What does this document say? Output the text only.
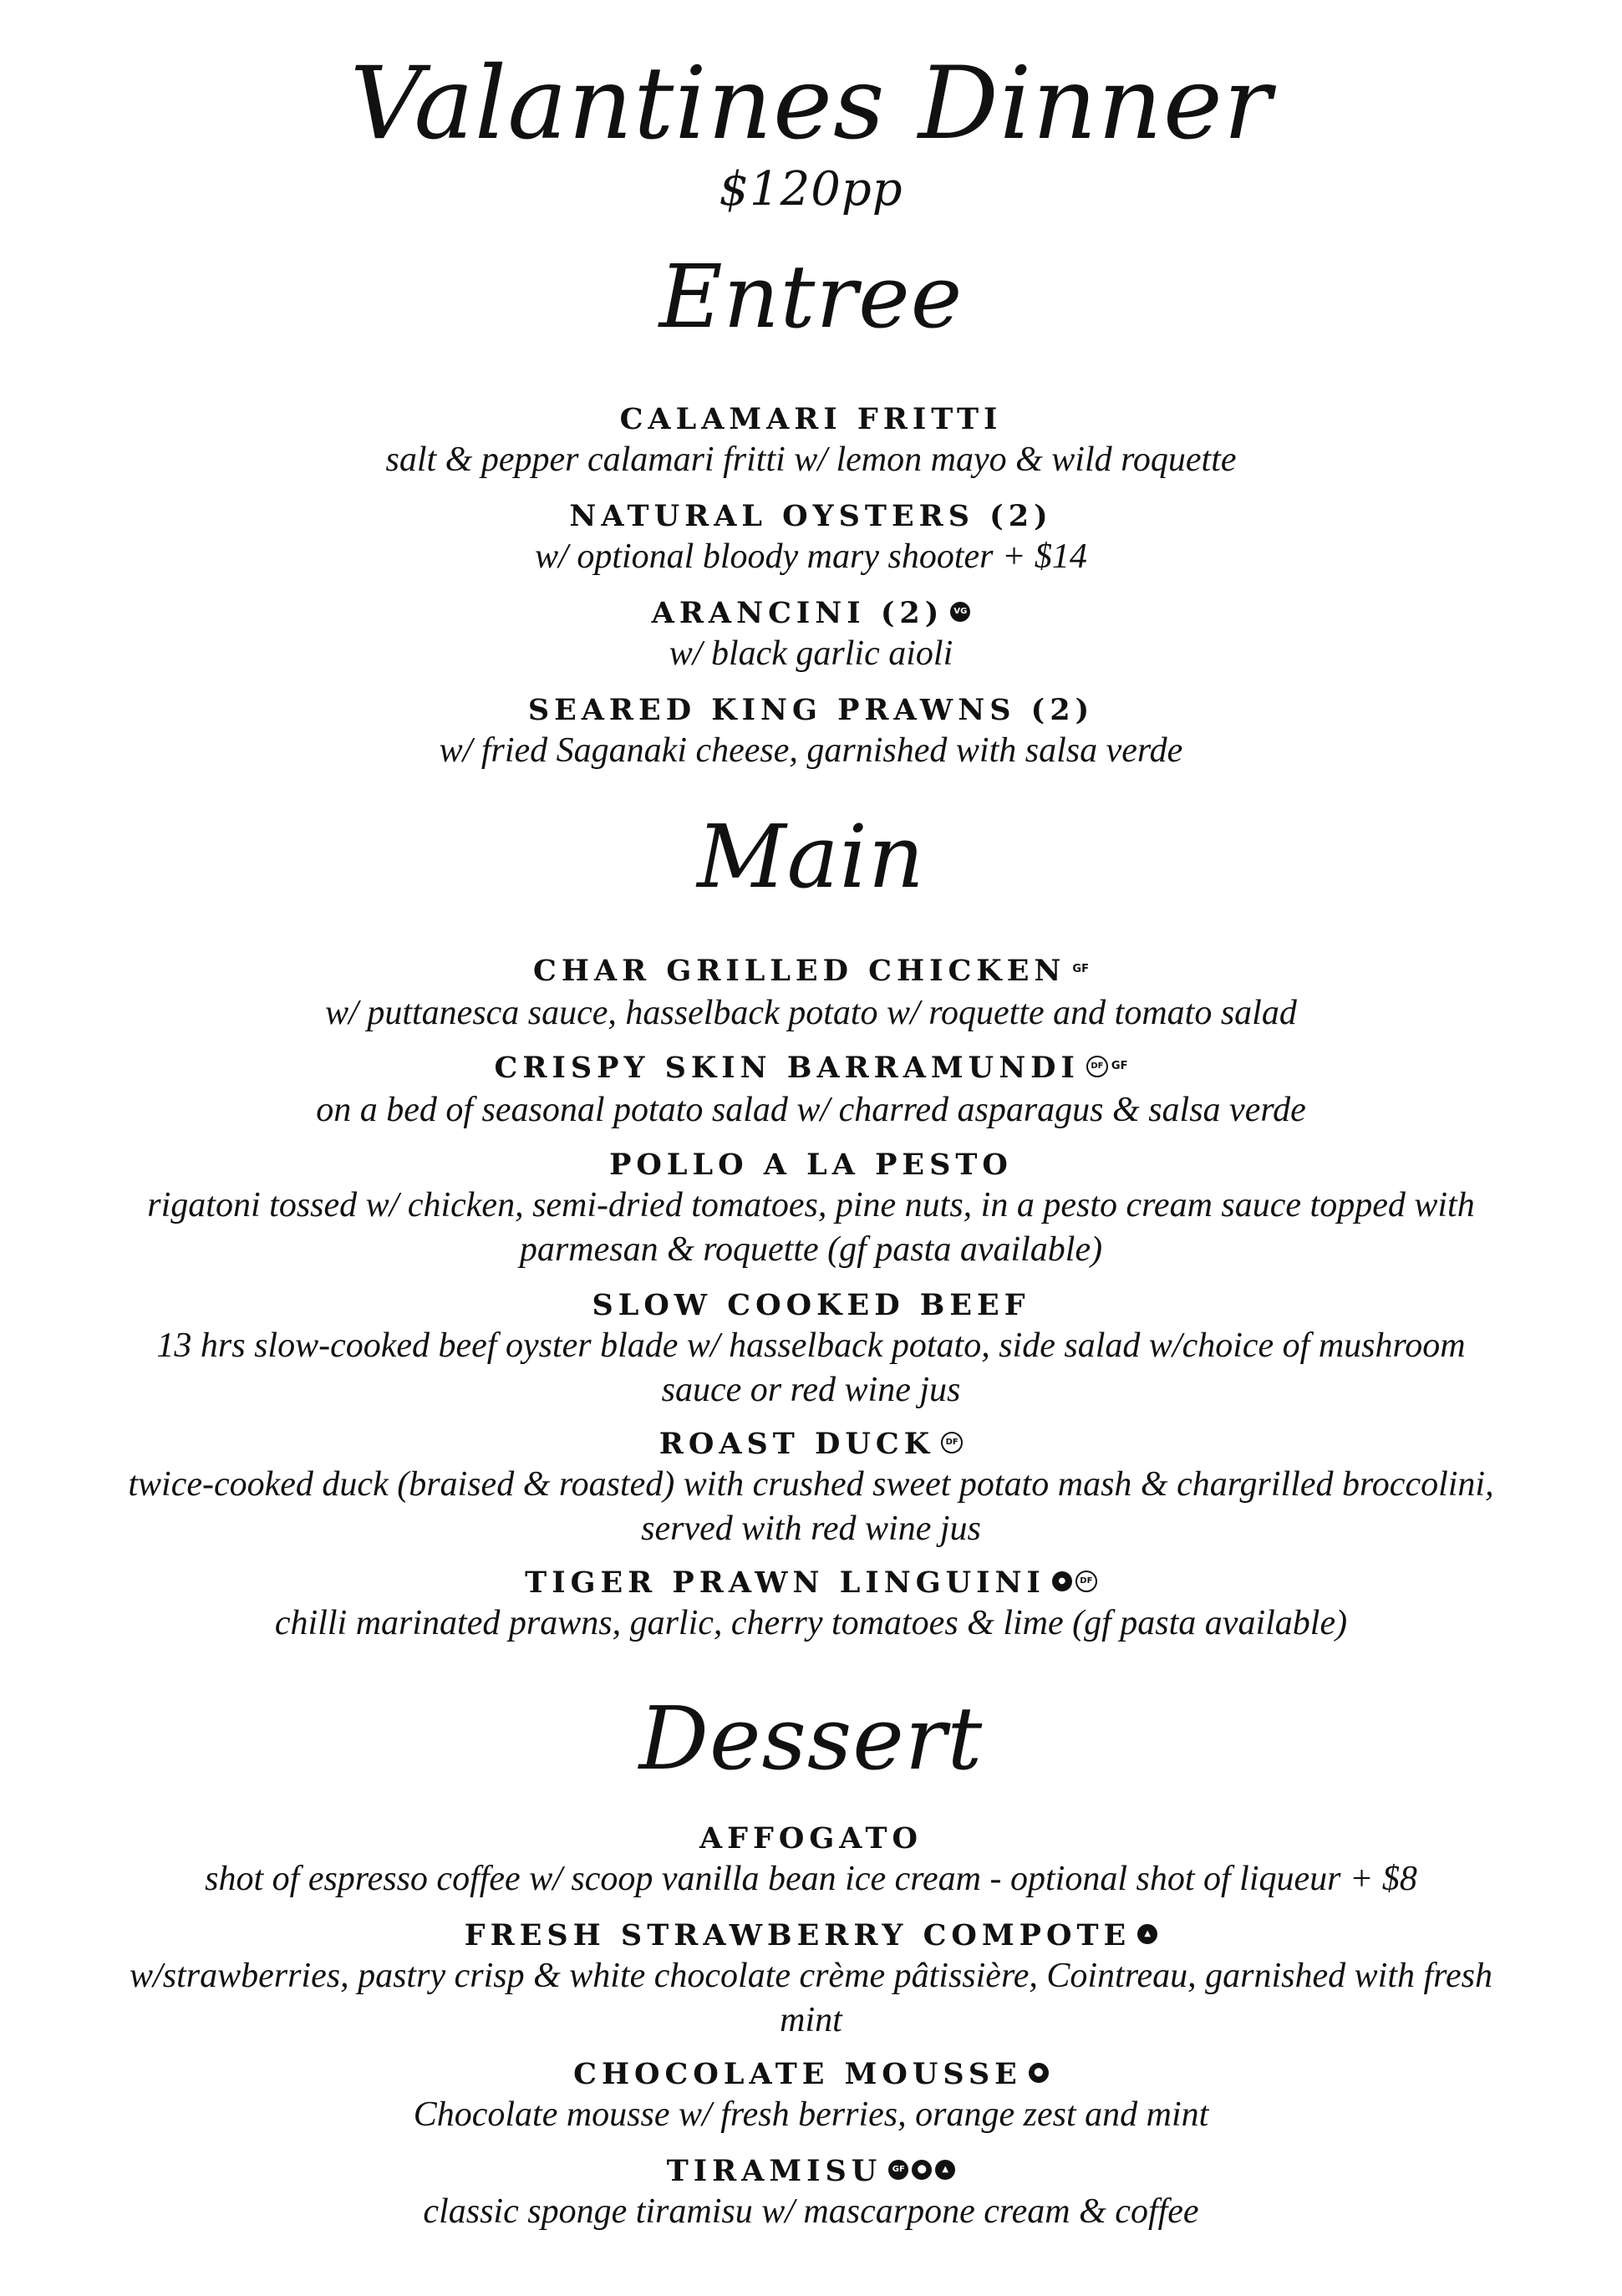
Valantines Dinner
$120pp
Entree
CALAMARI FRITTI
salt & pepper calamari fritti w/ lemon mayo & wild roquette
NATURAL OYSTERS (2)
w/ optional bloody mary shooter + $14
ARANCINI (2) VG
w/ black garlic aioli
SEARED KING PRAWNS (2)
w/ fried Saganaki cheese, garnished with salsa verde
Main
CHAR GRILLED CHICKEN GF
w/ puttanesca sauce, hasselback potato w/ roquette and tomato salad
CRISPY SKIN BARRAMUNDI DF GF
on a bed of seasonal potato salad w/ charred asparagus & salsa verde
POLLO A LA PESTO
rigatoni tossed w/ chicken, semi-dried tomatoes, pine nuts, in a pesto cream sauce topped with parmesan & roquette (gf pasta available)
SLOW COOKED BEEF
13 hrs slow-cooked beef oyster blade w/ hasselback potato, side salad w/choice of mushroom sauce or red wine jus
ROAST DUCK DF
twice-cooked duck (braised & roasted) with crushed sweet potato mash & chargrilled broccolini, served with red wine jus
TIGER PRAWN LINGUINI ● DF
chilli marinated prawns, garlic, cherry tomatoes & lime (gf pasta available)
Dessert
AFFOGATO
shot of espresso coffee w/ scoop vanilla bean ice cream - optional shot of liqueur + $8
FRESH STRAWBERRY COMPOTE ▲
w/strawberries, pastry crisp & white chocolate crème pâtissière, Cointreau, garnished with fresh mint
CHOCOLATE MOUSSE ⬤
Chocolate mousse w/ fresh berries, orange zest and mint
TIRAMISU GF ⬤ ▲
classic sponge tiramisu w/ mascarpone cream & coffee
